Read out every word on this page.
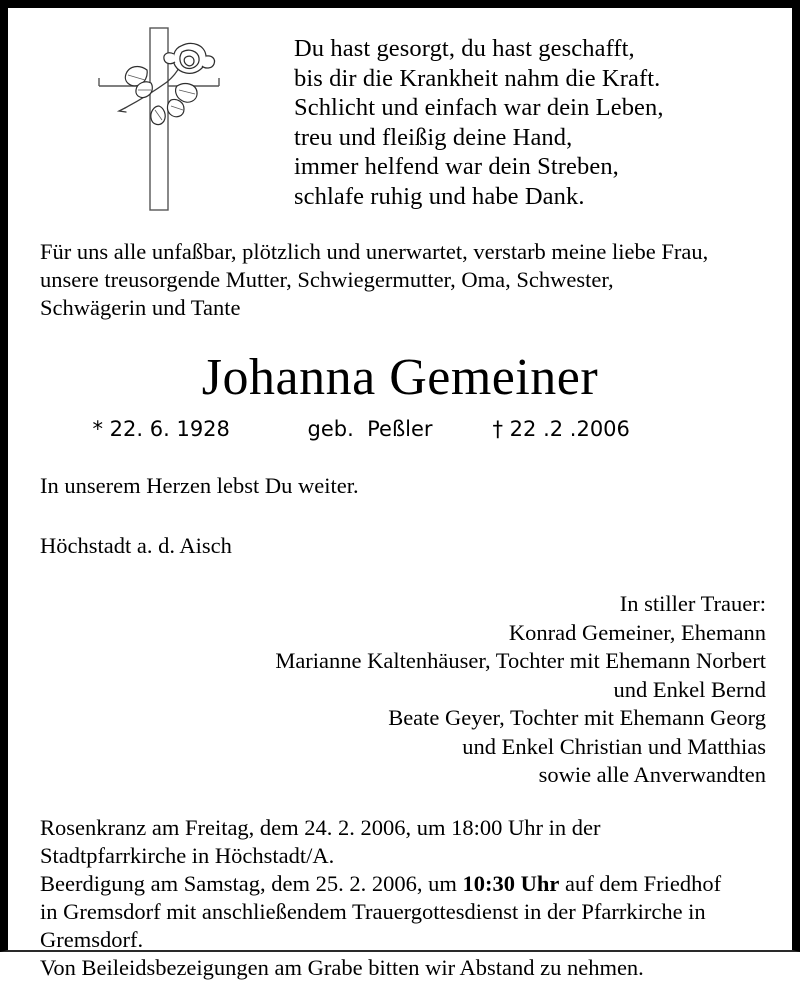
Du hast gesorgt, du hast geschafft,
bis dir die Krankheit nahm die Kraft.
Schlicht und einfach war dein Leben,
treu und fleißig deine Hand,
immer helfend war dein Streben,
schlafe ruhig und habe Dank.
Für uns alle unfaßbar, plötzlich und unerwartet, verstarb meine liebe Frau,
unsere treusorgende Mutter, Schwiegermutter, Oma, Schwester,
Schwägerin und Tante
Johanna Gemeiner
* 22. 6. 1928	geb.  Peßler	† 22 .2 .2006
In unserem Herzen lebst Du weiter.
Höchstadt a. d. Aisch
In stiller Trauer:
Konrad Gemeiner, Ehemann
Marianne Kaltenhäuser, Tochter mit Ehemann Norbert
und Enkel Bernd
Beate Geyer, Tochter mit Ehemann Georg
und Enkel Christian und Matthias
sowie alle Anverwandten
Rosenkranz am Freitag, dem 24. 2. 2006, um 18:00 Uhr in der
Stadtpfarrkirche in Höchstadt/A.
Beerdigung am Samstag, dem 25. 2. 2006, um 10:30 Uhr auf dem Friedhof
in Gremsdorf mit anschließendem Trauergottesdienst in der Pfarrkirche in
Gremsdorf.
Von Beileidsbezeigungen am Grabe bitten wir Abstand zu nehmen.
